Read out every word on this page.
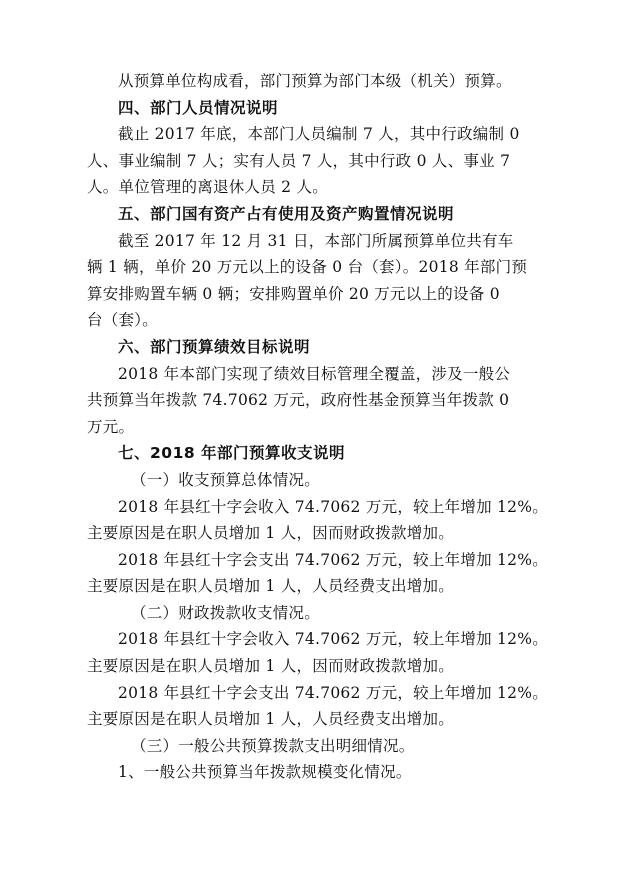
从预算单位构成看，部门预算为部门本级（机关）预算。
四、部门人员情况说明
截止 2017 年底，本部门人员编制 7 人，其中行政编制 0
人、事业编制 7 人；实有人员 7 人，其中行政 0 人、事业 7
人。单位管理的离退休人员 2 人。
五、部门国有资产占有使用及资产购置情况说明
截至 2017 年 12 月 31 日，本部门所属预算单位共有车
辆 1 辆，单价 20 万元以上的设备 0 台（套）。2018 年部门预
算安排购置车辆 0 辆；安排购置单价 20 万元以上的设备 0
台（套）。
六、部门预算绩效目标说明
2018 年本部门实现了绩效目标管理全覆盖，涉及一般公
共预算当年拨款 74.7062 万元，政府性基金预算当年拨款 0
万元。
七、2018 年部门预算收支说明
（一）收支预算总体情况。
2018 年县红十字会收入 74.7062 万元，较上年增加 12%。
主要原因是在职人员增加 1 人，因而财政拨款增加。
2018 年县红十字会支出 74.7062 万元，较上年增加 12%。
主要原因是在职人员增加 1 人，人员经费支出增加。
（二）财政拨款收支情况。
2018 年县红十字会收入 74.7062 万元，较上年增加 12%。
主要原因是在职人员增加 1 人，因而财政拨款增加。
2018 年县红十字会支出 74.7062 万元，较上年增加 12%。
主要原因是在职人员增加 1 人，人员经费支出增加。
（三）一般公共预算拨款支出明细情况。
1、一般公共预算当年拨款规模变化情况。
